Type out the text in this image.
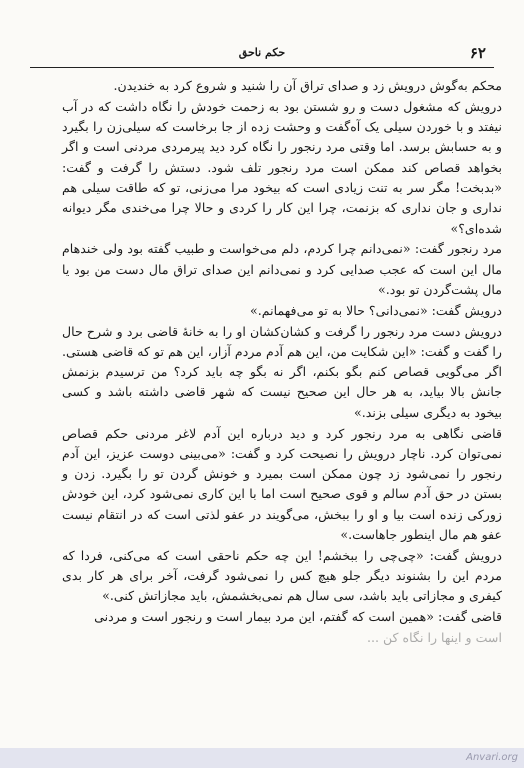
۶۲
حکم ناحق

محکم به‌گوش درویش زد و صدای تراق آن را شنید و شروع کرد به خندیدن.

درویش که مشغول دست و رو شستن بود به زحمت خودش را نگاه داشت که در آب نیفتد و با خوردن سیلی یک آه‌گفت و وحشت زده از جا برخاست که سیلی‌زن را بگیرد و به حسابش برسد. اما وقتی مرد رنجور را نگاه کرد دید پیرمردی مردنی است و اگر بخواهد قصاص کند ممکن است مرد رنجور تلف شود. دستش را گرفت و گفت: «بدبخت! مگر سر به تنت زیادی است که بیخود مرا می‌زنی، تو که طاقت سیلی هم نداری و جان نداری که بزنمت، چرا این کار را کردی و حالا چرا می‌خندی مگر دیوانه شده‌ای؟»

مرد رنجور گفت: «نمی‌دانم چرا کردم، دلم می‌خواست و طبیب گفته بود ولی خندهام مال این است که عجب صدایی کرد و نمی‌دانم این صدای تراق مال دست من بود یا مال پشت‌گردن تو بود.»

درویش گفت: «نمی‌دانی؟ حالا به تو می‌فهمانم.»

درویش دست مرد رنجور را گرفت و کشان‌کشان او را به خانهٔ قاضی برد و شرح حال را گفت و گفت: «این شکایت من، این هم آدم مردم آزار، این هم تو که قاضی هستی. اگر می‌گویی قصاص کنم بگو بکنم، اگر نه بگو چه باید کرد؟ من ترسیدم بزنمش جانش بالا بیاید، به هر حال این صحیح نیست که شهر قاضی داشته باشد و کسی بیخود به دیگری سیلی بزند.»

قاضی نگاهی به مرد رنجور کرد و دید درباره این آدم لاغر مردنی حکم قصاص نمی‌توان کرد. ناچار درویش را نصیحت کرد و گفت: «می‌بینی دوست عزیز، این آدم رنجور را نمی‌شود زد چون ممکن است بمیرد و خونش گردن تو را بگیرد. زدن و بستن در حق آدم سالم و قوی صحیح است اما با این کاری نمی‌شود کرد، این خودش زورکی زنده است بیا و او را ببخش، می‌گویند در عفو لذتی است که در انتقام نیست عفو هم مال اینطور جاهاست.»

درویش گفت: «چی‌چی را ببخشم! این چه حکم ناحقی است که می‌کنی، فردا که مردم این را بشنوند دیگر جلو هیچ کس را نمی‌شود گرفت، آخر برای هر کار بدی کیفری و مجازاتی باید باشد، سی سال هم نمی‌بخشمش، باید مجازاتش کنی.»

قاضی گفت: «همین است که گفتم، این مرد بیمار است و رنجور است و مردنی

است و اینها را نگاه کن ...

Anvari.org
